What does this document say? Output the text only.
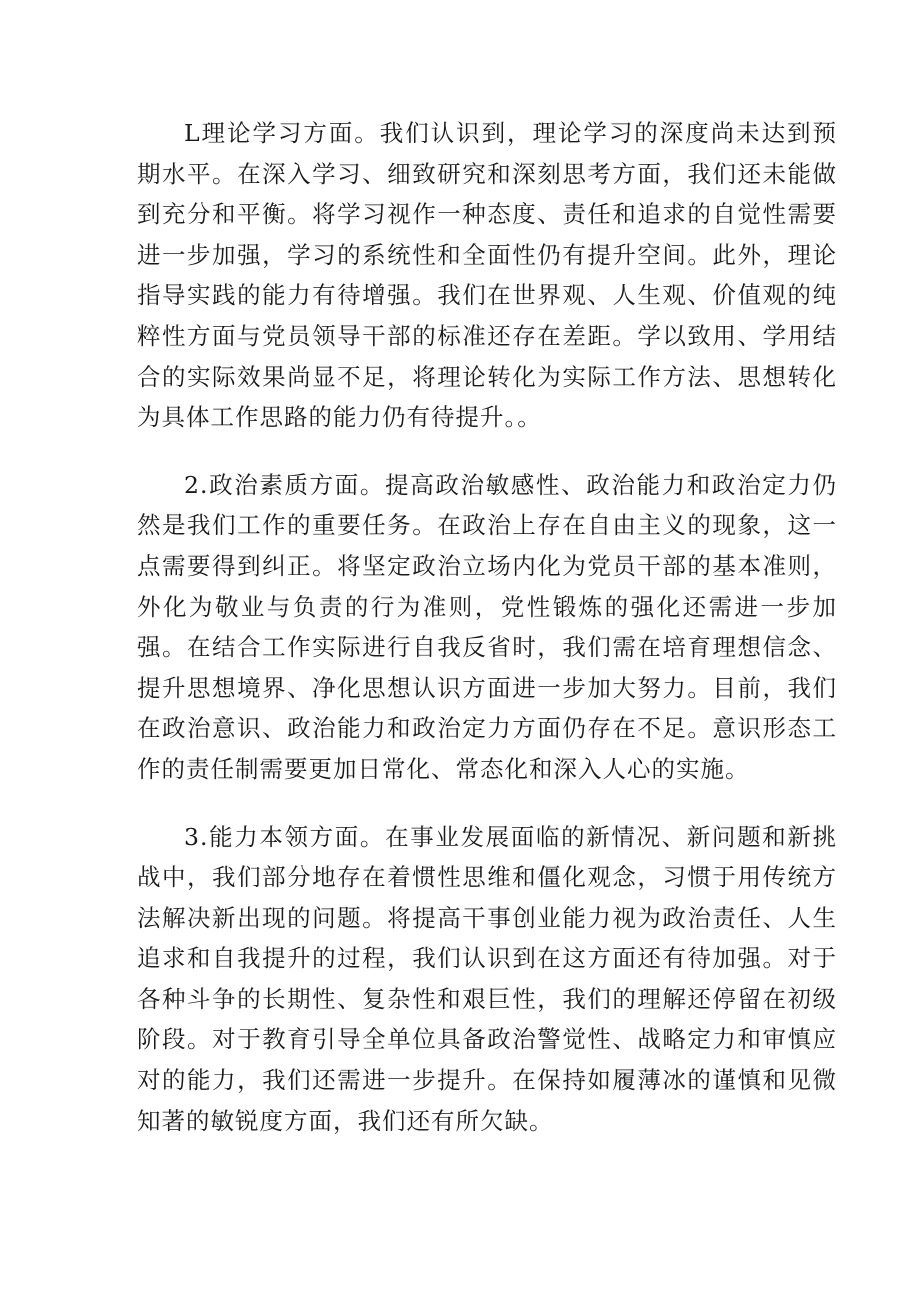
L理论学习方面。我们认识到，理论学习的深度尚未达到预期水平。在深入学习、细致研究和深刻思考方面，我们还未能做到充分和平衡。将学习视作一种态度、责任和追求的自觉性需要进一步加强，学习的系统性和全面性仍有提升空间。此外，理论指导实践的能力有待增强。我们在世界观、人生观、价值观的纯粹性方面与党员领导干部的标准还存在差距。学以致用、学用结合的实际效果尚显不足，将理论转化为实际工作方法、思想转化为具体工作思路的能力仍有待提升。。

2.政治素质方面。提高政治敏感性、政治能力和政治定力仍然是我们工作的重要任务。在政治上存在自由主义的现象，这一点需要得到纠正。将坚定政治立场内化为党员干部的基本准则，外化为敬业与负责的行为准则，党性锻炼的强化还需进一步加强。在结合工作实际进行自我反省时，我们需在培育理想信念、提升思想境界、净化思想认识方面进一步加大努力。目前，我们在政治意识、政治能力和政治定力方面仍存在不足。意识形态工作的责任制需要更加日常化、常态化和深入人心的实施。

3.能力本领方面。在事业发展面临的新情况、新问题和新挑战中，我们部分地存在着惯性思维和僵化观念，习惯于用传统方法解决新出现的问题。将提高干事创业能力视为政治责任、人生追求和自我提升的过程，我们认识到在这方面还有待加强。对于各种斗争的长期性、复杂性和艰巨性，我们的理解还停留在初级阶段。对于教育引导全单位具备政治警觉性、战略定力和审慎应对的能力，我们还需进一步提升。在保持如履薄冰的谨慎和见微知著的敏锐度方面，我们还有所欠缺。
